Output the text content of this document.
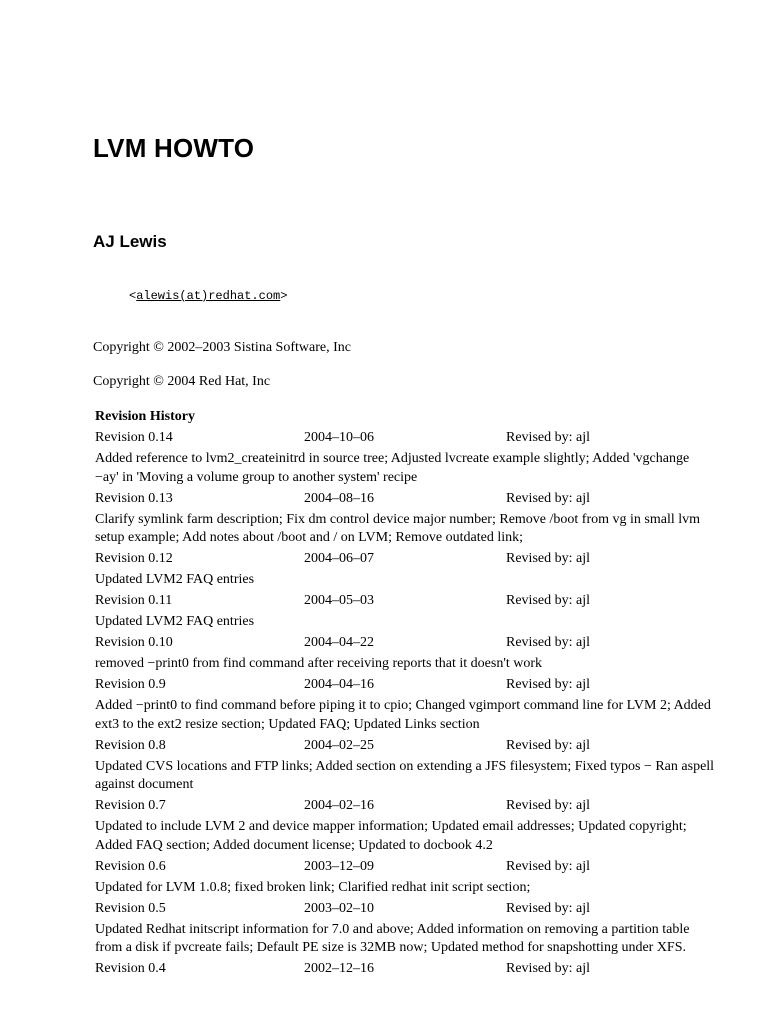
LVM HOWTO
AJ Lewis
<alewis(at)redhat.com>
Copyright © 2002–2003 Sistina Software, Inc
Copyright © 2004 Red Hat, Inc
Revision History
Revision 0.14	2004–10–06	Revised by: ajl
Added reference to lvm2_createinitrd in source tree; Adjusted lvcreate example slightly; Added 'vgchange −ay' in 'Moving a volume group to another system' recipe
Revision 0.13	2004–08–16	Revised by: ajl
Clarify symlink farm description; Fix dm control device major number; Remove /boot from vg in small lvm setup example; Add notes about /boot and / on LVM; Remove outdated link;
Revision 0.12	2004–06–07	Revised by: ajl
Updated LVM2 FAQ entries
Revision 0.11	2004–05–03	Revised by: ajl
Updated LVM2 FAQ entries
Revision 0.10	2004–04–22	Revised by: ajl
removed −print0 from find command after receiving reports that it doesn't work
Revision 0.9	2004–04–16	Revised by: ajl
Added −print0 to find command before piping it to cpio; Changed vgimport command line for LVM 2; Added ext3 to the ext2 resize section; Updated FAQ; Updated Links section
Revision 0.8	2004–02–25	Revised by: ajl
Updated CVS locations and FTP links; Added section on extending a JFS filesystem; Fixed typos − Ran aspell against document
Revision 0.7	2004–02–16	Revised by: ajl
Updated to include LVM 2 and device mapper information; Updated email addresses; Updated copyright; Added FAQ section; Added document license; Updated to docbook 4.2
Revision 0.6	2003–12–09	Revised by: ajl
Updated for LVM 1.0.8; fixed broken link; Clarified redhat init script section;
Revision 0.5	2003–02–10	Revised by: ajl
Updated Redhat initscript information for 7.0 and above; Added information on removing a partition table from a disk if pvcreate fails; Default PE size is 32MB now; Updated method for snapshotting under XFS.
Revision 0.4	2002–12–16	Revised by: ajl
